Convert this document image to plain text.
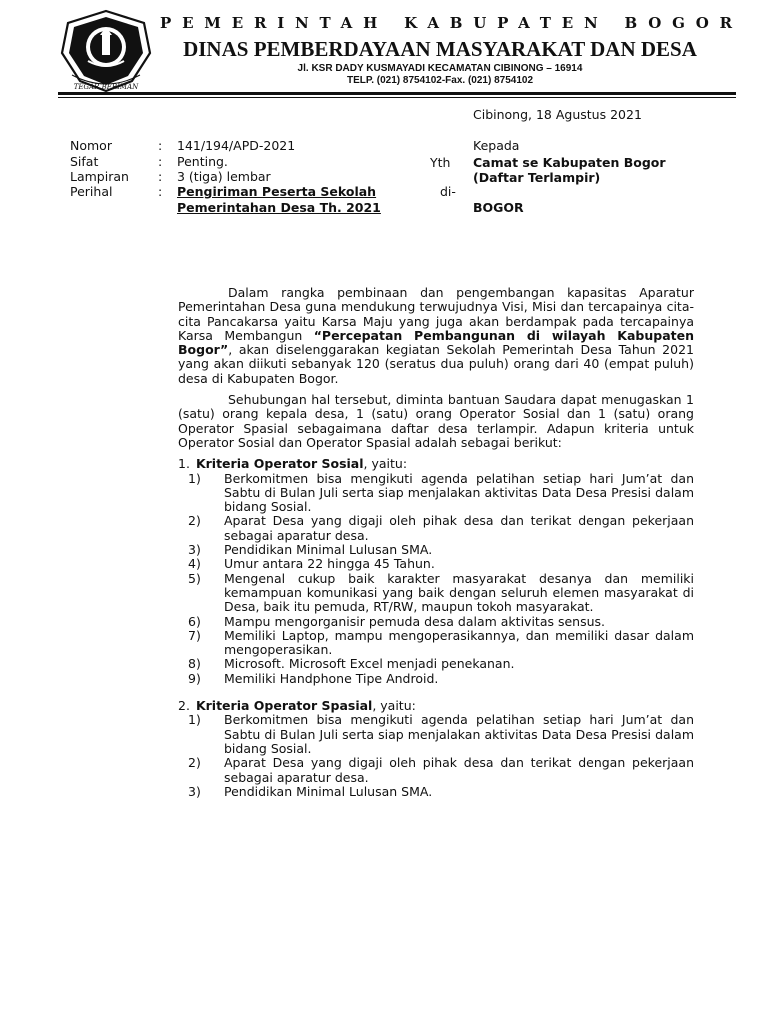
TEGAR BERIMAN
PEMERINTAH KABUPATEN BOGOR
DINAS PEMBERDAYAAN MASYARAKAT DAN DESA
Jl. KSR DADY KUSMAYADI KECAMATAN CIBINONG – 16914
TELP. (021) 8754102-Fax. (021) 8754102
Cibinong, 18 Agustus 2021
Nomor	: 141/194/APD-2021
Sifat	: Penting.
Lampiran : 3 (tiga) lembar
Perihal	: Pengiriman Peserta Sekolah
Pemerintahan Desa Th. 2021
Kepada
Yth Camat se Kabupaten Bogor
(Daftar Terlampir)
di-
BOGOR

Dalam rangka pembinaan dan pengembangan kapasitas Aparatur Pemerintahan Desa guna mendukung terwujudnya Visi, Misi dan tercapainya cita-cita Pancakarsa yaitu Karsa Maju yang juga akan berdampak pada tercapainya Karsa Membangun “Percepatan Pembangunan di wilayah Kabupaten Bogor”, akan diselenggarakan kegiatan Sekolah Pemerintah Desa Tahun 2021 yang akan diikuti sebanyak 120 (seratus dua puluh) orang dari 40 (empat puluh) desa di Kabupaten Bogor.

Sehubungan hal tersebut, diminta bantuan Saudara dapat menugaskan 1 (satu) orang kepala desa, 1 (satu) orang Operator Sosial dan 1 (satu) orang Operator Spasial sebagaimana daftar desa terlampir. Adapun kriteria untuk Operator Sosial dan Operator Spasial adalah sebagai berikut:

1. Kriteria Operator Sosial, yaitu:
1)	Berkomitmen bisa mengikuti agenda pelatihan setiap hari Jum’at dan Sabtu di Bulan Juli serta siap menjalakan aktivitas Data Desa Presisi dalam bidang Sosial.
2)	Aparat Desa yang digaji oleh pihak desa dan terikat dengan pekerjaan sebagai aparatur desa.
3)	Pendidikan Minimal Lulusan SMA.
4)	Umur antara 22 hingga 45 Tahun.
5)	Mengenal cukup baik karakter masyarakat desanya dan memiliki kemampuan komunikasi yang baik dengan seluruh elemen masyarakat di Desa, baik itu pemuda, RT/RW, maupun tokoh masyarakat.
6)	Mampu mengorganisir pemuda desa dalam aktivitas sensus.
7)	Memiliki Laptop, mampu mengoperasikannya, dan memiliki dasar dalam mengoperasikan.
8)	Microsoft. Microsoft Excel menjadi penekanan.
9)	Memiliki Handphone Tipe Android.
2. Kriteria Operator Spasial, yaitu:
1)	Berkomitmen bisa mengikuti agenda pelatihan setiap hari Jum’at dan Sabtu di Bulan Juli serta siap menjalakan aktivitas Data Desa Presisi dalam bidang Sosial.
2)	Aparat Desa yang digaji oleh pihak desa dan terikat dengan pekerjaan sebagai aparatur desa.
3)	Pendidikan Minimal Lulusan SMA.
